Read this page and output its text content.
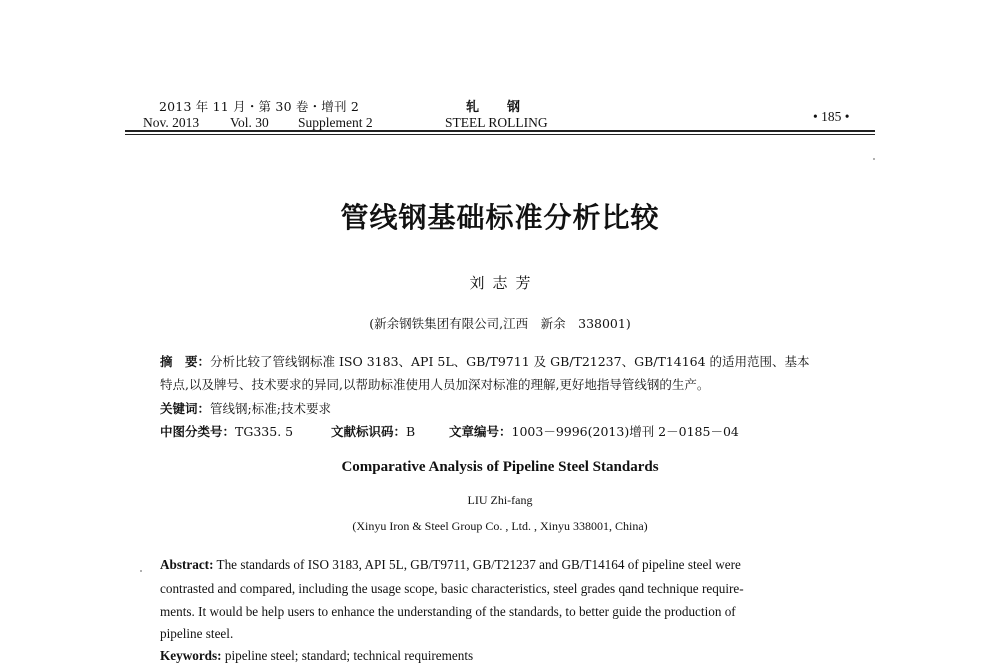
2013 年 11 月・第 30 卷・增刊 2
Nov. 2013 Vol. 30 Supplement 2
轧钢
STEEL ROLLING	• 185 •
管线钢基础标准分析比较
刘志芳
(新余钢铁集团有限公司,江西　新余　338001)
摘　要：分析比较了管线钢标准 ISO 3183、API 5L、GB/T9711 及 GB/T21237、GB/T14164 的适用范围、基本
特点,以及牌号、技术要求的异同,以帮助标准使用人员加深对标准的理解,更好地指导管线钢的生产。
关键词：管线钢;标准;技术要求
中图分类号：TG335. 5	文献标识码：B	文章编号：1003－9996(2013)增刊 2－0185－04
Comparative Analysis of Pipeline Steel Standards
LIU Zhi-fang
(Xinyu Iron & Steel Group Co. , Ltd. , Xinyu 338001, China)
Abstract: The standards of ISO 3183, API 5L, GB/T9711, GB/T21237 and GB/T14164 of pipeline steel were
contrasted and compared, including the usage scope, basic characteristics, steel grades qand technique require-
ments. It would be help users to enhance the understanding of the standards, to better guide the production of
pipeline steel.
Keywords: pipeline steel; standard; technical requirements
